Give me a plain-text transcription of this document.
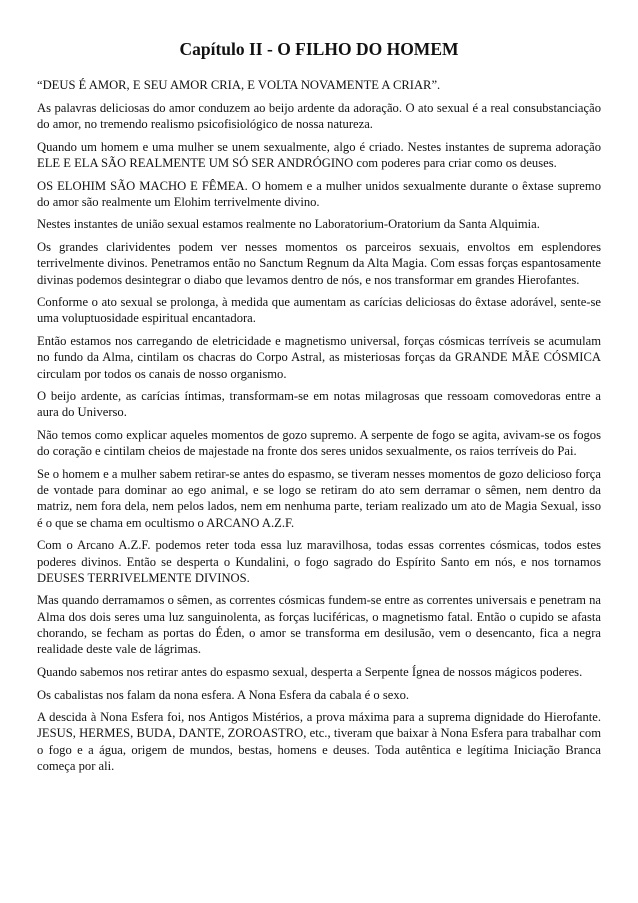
Capítulo II - O FILHO DO HOMEM

“DEUS É AMOR, E SEU AMOR CRIA, E VOLTA NOVAMENTE A CRIAR”.

As palavras deliciosas do amor conduzem ao beijo ardente da adoração. O ato sexual é a real consubstanciação do amor, no tremendo realismo psicofisiológico de nossa natureza.

Quando um homem e uma mulher se unem sexualmente, algo é criado. Nestes instantes de suprema adoração ELE E ELA SÃO REALMENTE UM SÓ SER ANDRÓGINO com poderes para criar como os deuses.

OS ELOHIM SÃO MACHO E FÊMEA. O homem e a mulher unidos sexualmente durante o êxtase supremo do amor são realmente um Elohim terrivelmente divino.

Nestes instantes de união sexual estamos realmente no Laboratorium-Oratorium da Santa Alquimia.

Os grandes clarividentes podem ver nesses momentos os parceiros sexuais, envoltos em esplendores terrivelmente divinos. Penetramos então no Sanctum Regnum da Alta Magia. Com essas forças espantosamente divinas podemos desintegrar o diabo que levamos dentro de nós, e nos transformar em grandes Hierofantes.

Conforme o ato sexual se prolonga, à medida que aumentam as carícias deliciosas do êxtase adorável, sente-se uma voluptuosidade espiritual encantadora.

Então estamos nos carregando de eletricidade e magnetismo universal, forças cósmicas terríveis se acumulam no fundo da Alma, cintilam os chacras do Corpo Astral, as misteriosas forças da GRANDE MÃE CÓSMICA circulam por todos os canais de nosso organismo.

O beijo ardente, as carícias íntimas, transformam-se em notas milagrosas que ressoam comovedoras entre a aura do Universo.

Não temos como explicar aqueles momentos de gozo supremo. A serpente de fogo se agita, avivam-se os fogos do coração e cintilam cheios de majestade na fronte dos seres unidos sexualmente, os raios terríveis do Pai.

Se o homem e a mulher sabem retirar-se antes do espasmo, se tiveram nesses momentos de gozo delicioso força de vontade para dominar ao ego animal, e se logo se retiram do ato sem derramar o sêmen, nem dentro da matriz, nem fora dela, nem pelos lados, nem em nenhuma parte, teriam realizado um ato de Magia Sexual, isso é o que se chama em ocultismo o ARCANO A.Z.F.

Com o Arcano A.Z.F. podemos reter toda essa luz maravilhosa, todas essas correntes cósmicas, todos estes poderes divinos. Então se desperta o Kundalini, o fogo sagrado do Espírito Santo em nós, e nos tornamos DEUSES TERRIVELMENTE DIVINOS.

Mas quando derramamos o sêmen, as correntes cósmicas fundem-se entre as correntes universais e penetram na Alma dos dois seres uma luz sanguinolenta, as forças luciféricas, o magnetismo fatal. Então o cupido se afasta chorando, se fecham as portas do Éden, o amor se transforma em desilusão, vem o desencanto, fica a negra realidade deste vale de lágrimas.

Quando sabemos nos retirar antes do espasmo sexual, desperta a Serpente Ígnea de nossos mágicos poderes.

Os cabalistas nos falam da nona esfera. A Nona Esfera da cabala é o sexo.

A descida à Nona Esfera foi, nos Antigos Mistérios, a prova máxima para a suprema dignidade do Hierofante. JESUS, HERMES, BUDA, DANTE, ZOROASTRO, etc., tiveram que baixar à Nona Esfera para trabalhar com o fogo e a água, origem de mundos, bestas, homens e deuses. Toda autêntica e legítima Iniciação Branca começa por ali.
